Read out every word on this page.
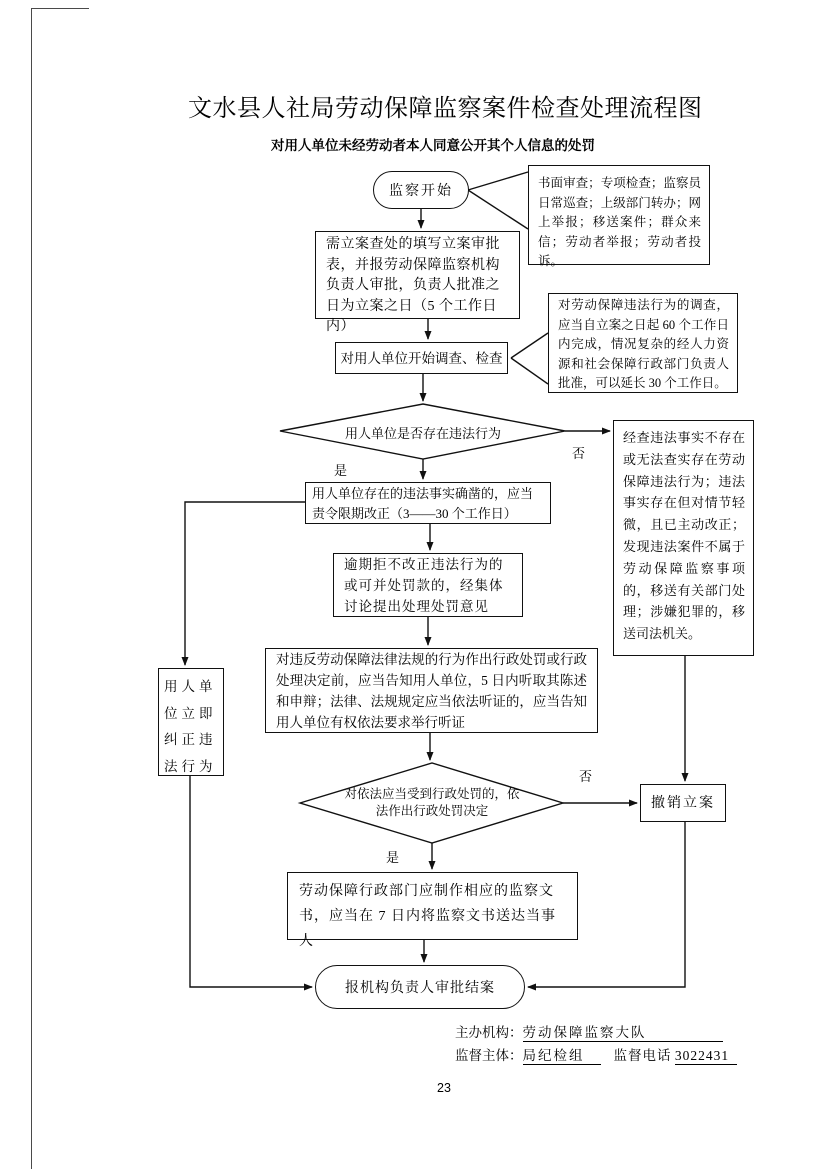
文水县人社局劳动保障监察案件检查处理流程图
对用人单位未经劳动者本人同意公开其个人信息的处罚
监察开始
书面审查；专项检查；监察员日常巡查；上级部门转办；网上举报；移送案件；群众来信；劳动者举报；劳动者投诉。
需立案查处的填写立案审批表，并报劳动保障监察机构负责人审批，负责人批准之日为立案之日（5 个工作日内）
对用人单位开始调查、检查
对劳动保障违法行为的调查，应当自立案之日起 60 个工作日内完成，情况复杂的经人力资源和社会保障行政部门负责人批准，可以延长 30 个工作日。
用人单位是否存在违法行为
是
否
经查违法事实不存在或无法查实存在劳动保障违法行为；违法事实存在但对情节轻微，且已主动改正；发现违法案件不属于劳动保障监察事项的，移送有关部门处理；涉嫌犯罪的，移送司法机关。
用人单位存在的违法事实确凿的，应当责令限期改正（3——30 个工作日）
用人单位立即纠正违法行为
逾期拒不改正违法行为的或可并处罚款的，经集体讨论提出处理处罚意见
对违反劳动保障法律法规的行为作出行政处罚或行政处理决定前，应当告知用人单位，5 日内听取其陈述和申辩；法律、法规规定应当依法听证的，应当告知用人单位有权依法要求举行听证
对依法应当受到行政处罚的，依法作出行政处罚决定
否
是
撤销立案
劳动保障行政部门应制作相应的监察文书，应当在 7 日内将监察文书送达当事人
报机构负责人审批结案
主办机构：劳动保障监察大队
监督主体：局纪检组 监督电话 3022431
23
